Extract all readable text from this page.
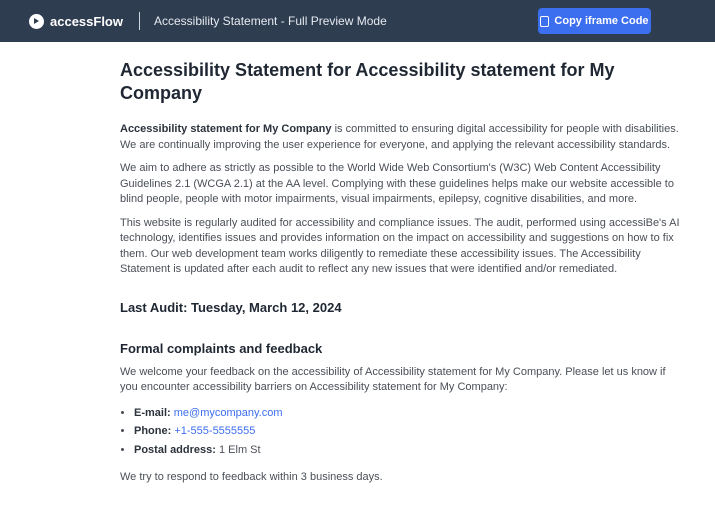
accessFlow	Accessibility Statement - Full Preview Mode	Copy iframe Code
Accessibility Statement for Accessibility statement for My Company

Accessibility statement for My Company is committed to ensuring digital accessibility for people with disabilities. We are continually improving the user experience for everyone, and applying the relevant accessibility standards.

We aim to adhere as strictly as possible to the World Wide Web Consortium's (W3C) Web Content Accessibility Guidelines 2.1 (WCGA 2.1) at the AA level. Complying with these guidelines helps make our website accessible to blind people, people with motor impairments, visual impairments, epilepsy, cognitive disabilities, and more.

This website is regularly audited for accessibility and compliance issues. The audit, performed using accessiBe's AI technology, identifies issues and provides information on the impact on accessibility and suggestions on how to fix them. Our web development team works diligently to remediate these accessibility issues. The Accessibility Statement is updated after each audit to reflect any new issues that were identified and/or remediated.

Last Audit: Tuesday, March 12, 2024
Formal complaints and feedback

We welcome your feedback on the accessibility of Accessibility statement for My Company. Please let us know if you encounter accessibility barriers on Accessibility statement for My Company:

• E-mail: me@mycompany.com
• Phone: +1-555-5555555
• Postal address: 1 Elm St

We try to respond to feedback within 3 business days.
